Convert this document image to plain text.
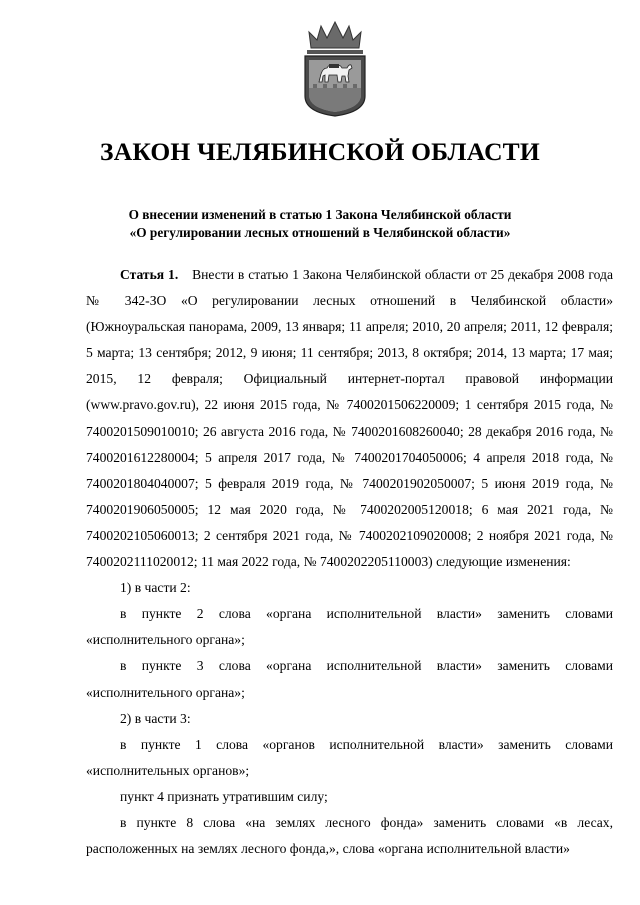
ЗАКОН ЧЕЛЯБИНСКОЙ ОБЛАСТИ
О внесении изменений в статью 1 Закона Челябинской области
«О регулировании лесных отношений в Челябинской области»

Статья 1. Внести в статью 1 Закона Челябинской области от 25 декабря 2008 года № 342-ЗО «О регулировании лесных отношений в Челябинской области» (Южноуральская панорама, 2009, 13 января; 11 апреля; 2010, 20 апреля; 2011, 12 февраля; 5 марта; 13 сентября; 2012, 9 июня; 11 сентября; 2013, 8 октября; 2014, 13 марта; 17 мая; 2015, 12 февраля; Официальный интернет-портал правовой информации (www.pravo.gov.ru), 22 июня 2015 года, № 7400201506220009; 1 сентября 2015 года, № 7400201509010010; 26 августа 2016 года, № 7400201608260040; 28 декабря 2016 года, № 7400201612280004; 5 апреля 2017 года, № 7400201704050006; 4 апреля 2018 года, № 7400201804040007; 5 февраля 2019 года, № 7400201902050007; 5 июня 2019 года, № 7400201906050005; 12 мая 2020 года, № 7400202005120018; 6 мая 2021 года, № 7400202105060013; 2 сентября 2021 года, № 7400202109020008; 2 ноября 2021 года, № 7400202111020012; 11 мая 2022 года, № 7400202205110003) следующие изменения:

1) в части 2:

в пункте 2 слова «органа исполнительной власти» заменить словами «исполнительного органа»;

в пункте 3 слова «органа исполнительной власти» заменить словами «исполнительного органа»;

2) в части 3:

в пункте 1 слова «органов исполнительной власти» заменить словами «исполнительных органов»;

пункт 4 признать утратившим силу;

в пункте 8 слова «на землях лесного фонда» заменить словами «в лесах, расположенных на землях лесного фонда,», слова «органа исполнительной власти»
